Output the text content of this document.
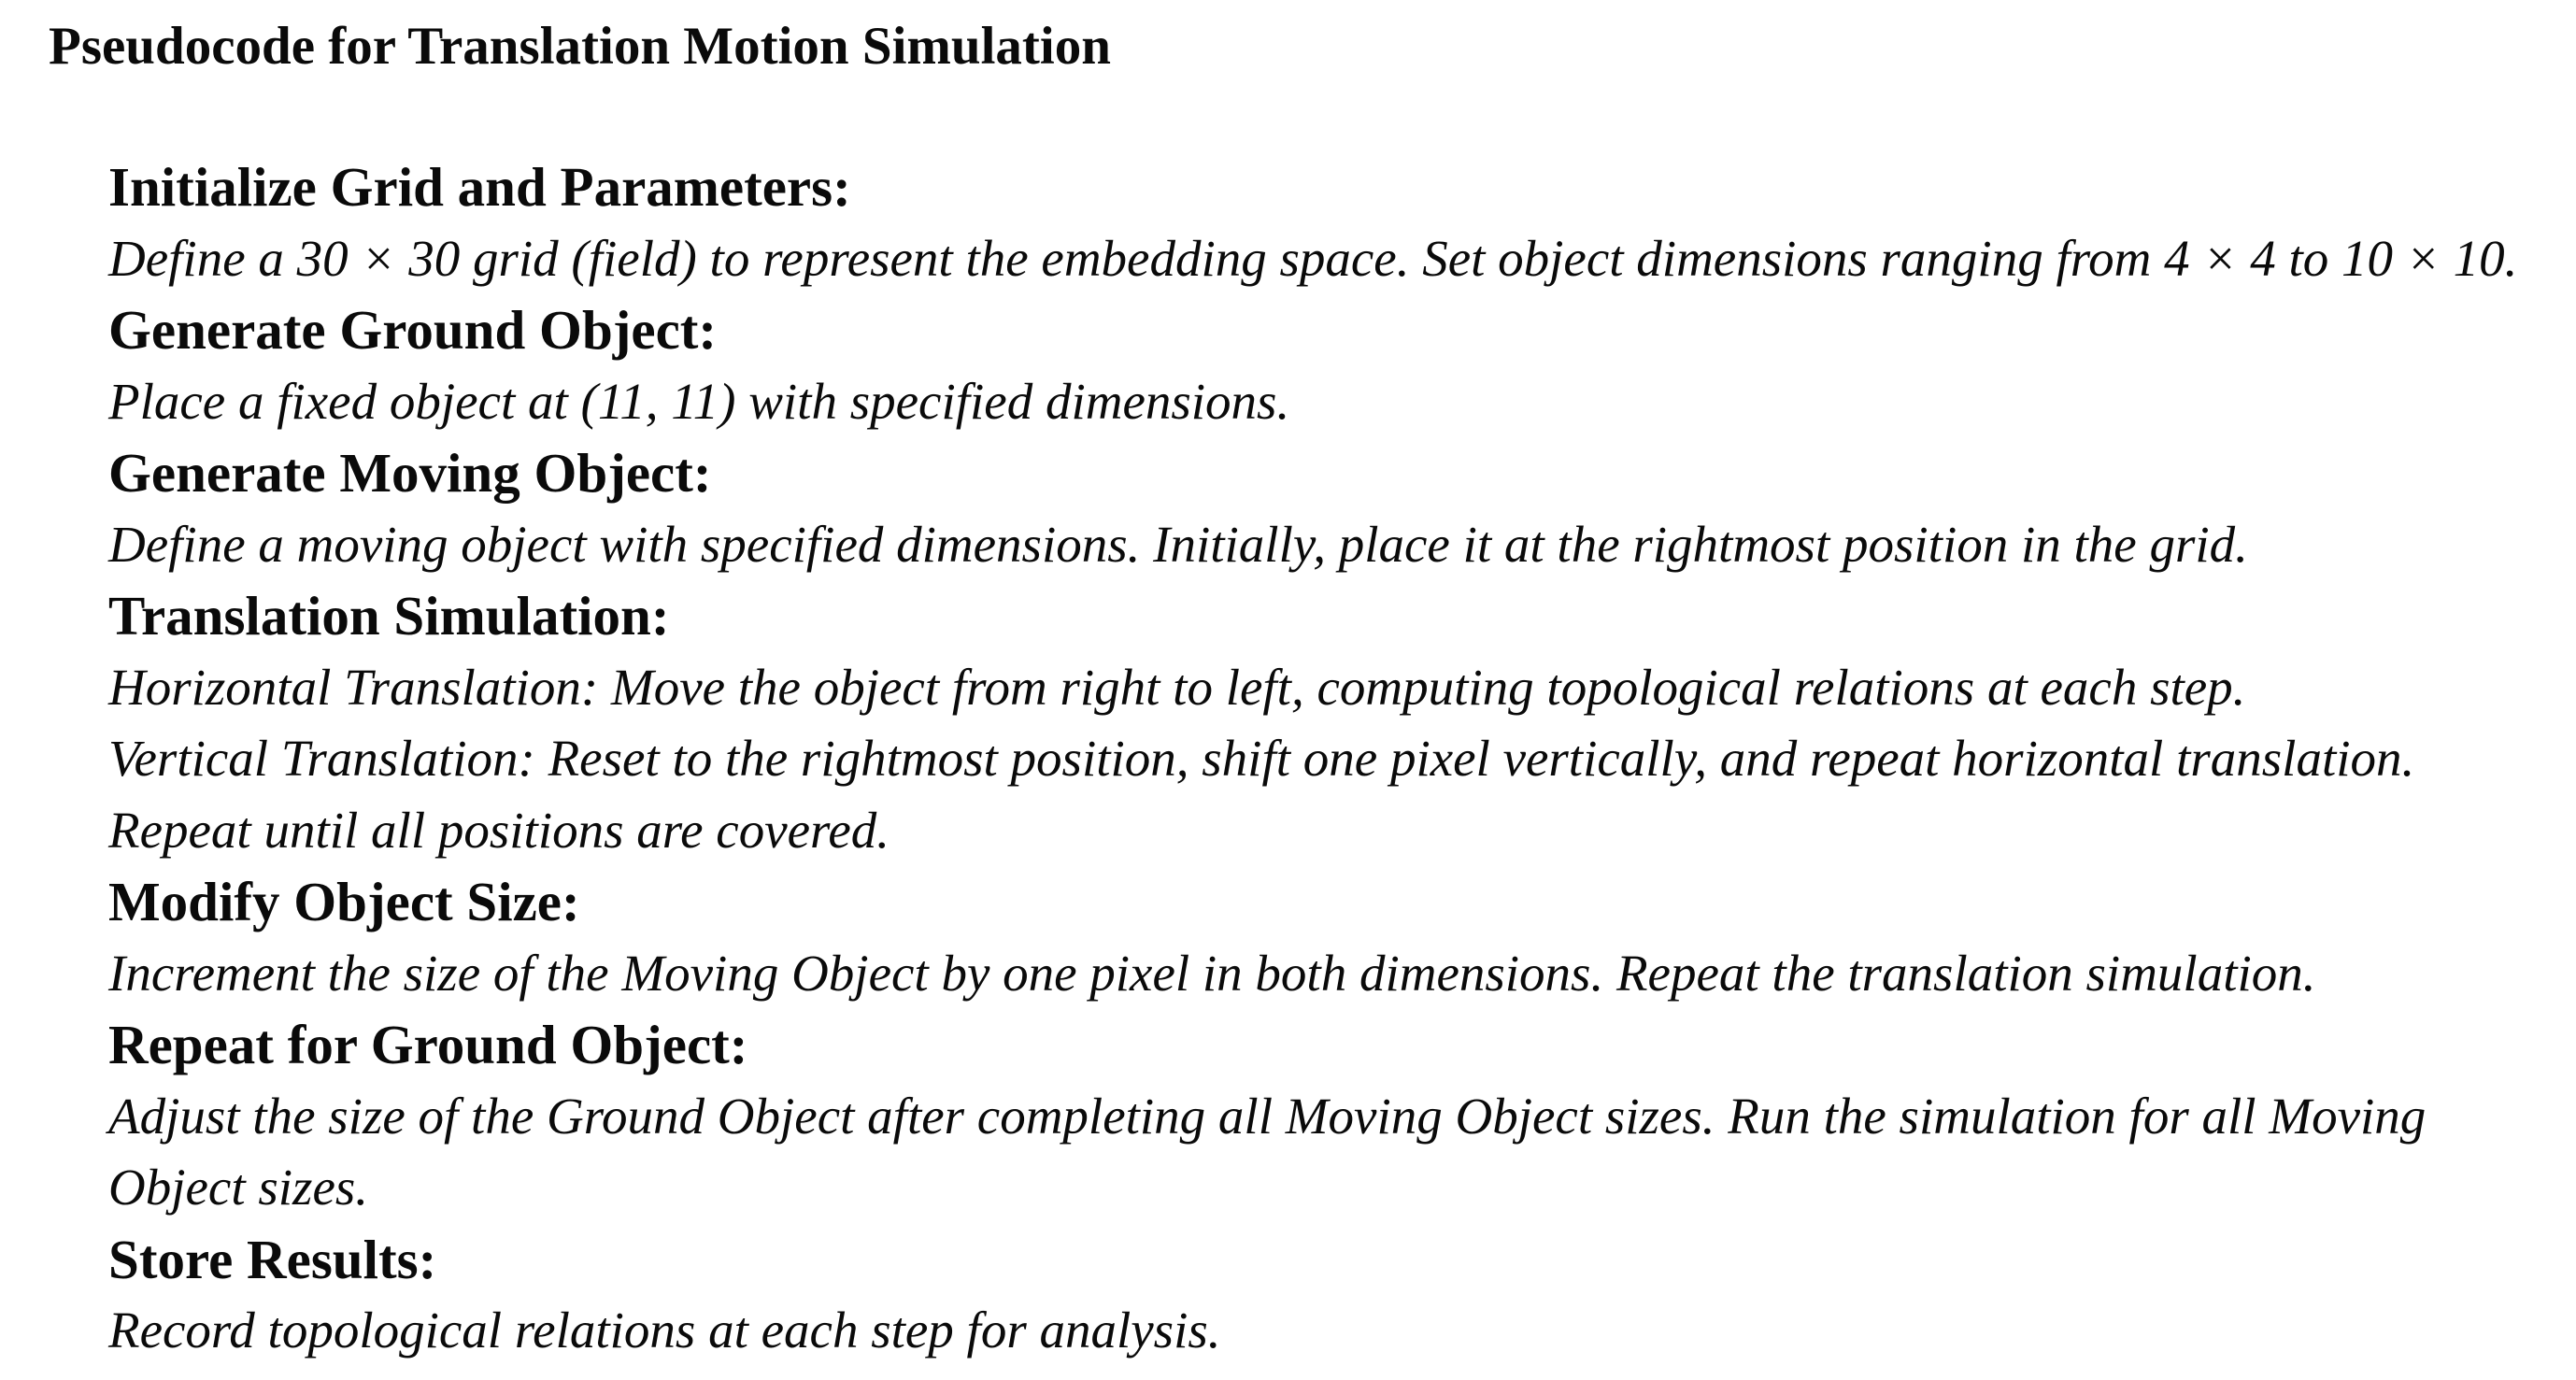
Pseudocode for Translation Motion Simulation
Initialize Grid and Parameters:
Define a 30 × 30 grid (field) to represent the embedding space. Set object dimensions ranging from 4 × 4 to 10 × 10.
Generate Ground Object:
Place a fixed object at (11, 11) with specified dimensions.
Generate Moving Object:
Define a moving object with specified dimensions. Initially, place it at the rightmost position in the grid.
Translation Simulation:
Horizontal Translation: Move the object from right to left, computing topological relations at each step.
Vertical Translation: Reset to the rightmost position, shift one pixel vertically, and repeat horizontal translation.
Repeat until all positions are covered.
Modify Object Size:
Increment the size of the Moving Object by one pixel in both dimensions. Repeat the translation simulation.
Repeat for Ground Object:
Adjust the size of the Ground Object after completing all Moving Object sizes. Run the simulation for all Moving Object sizes.
Store Results:
Record topological relations at each step for analysis.
